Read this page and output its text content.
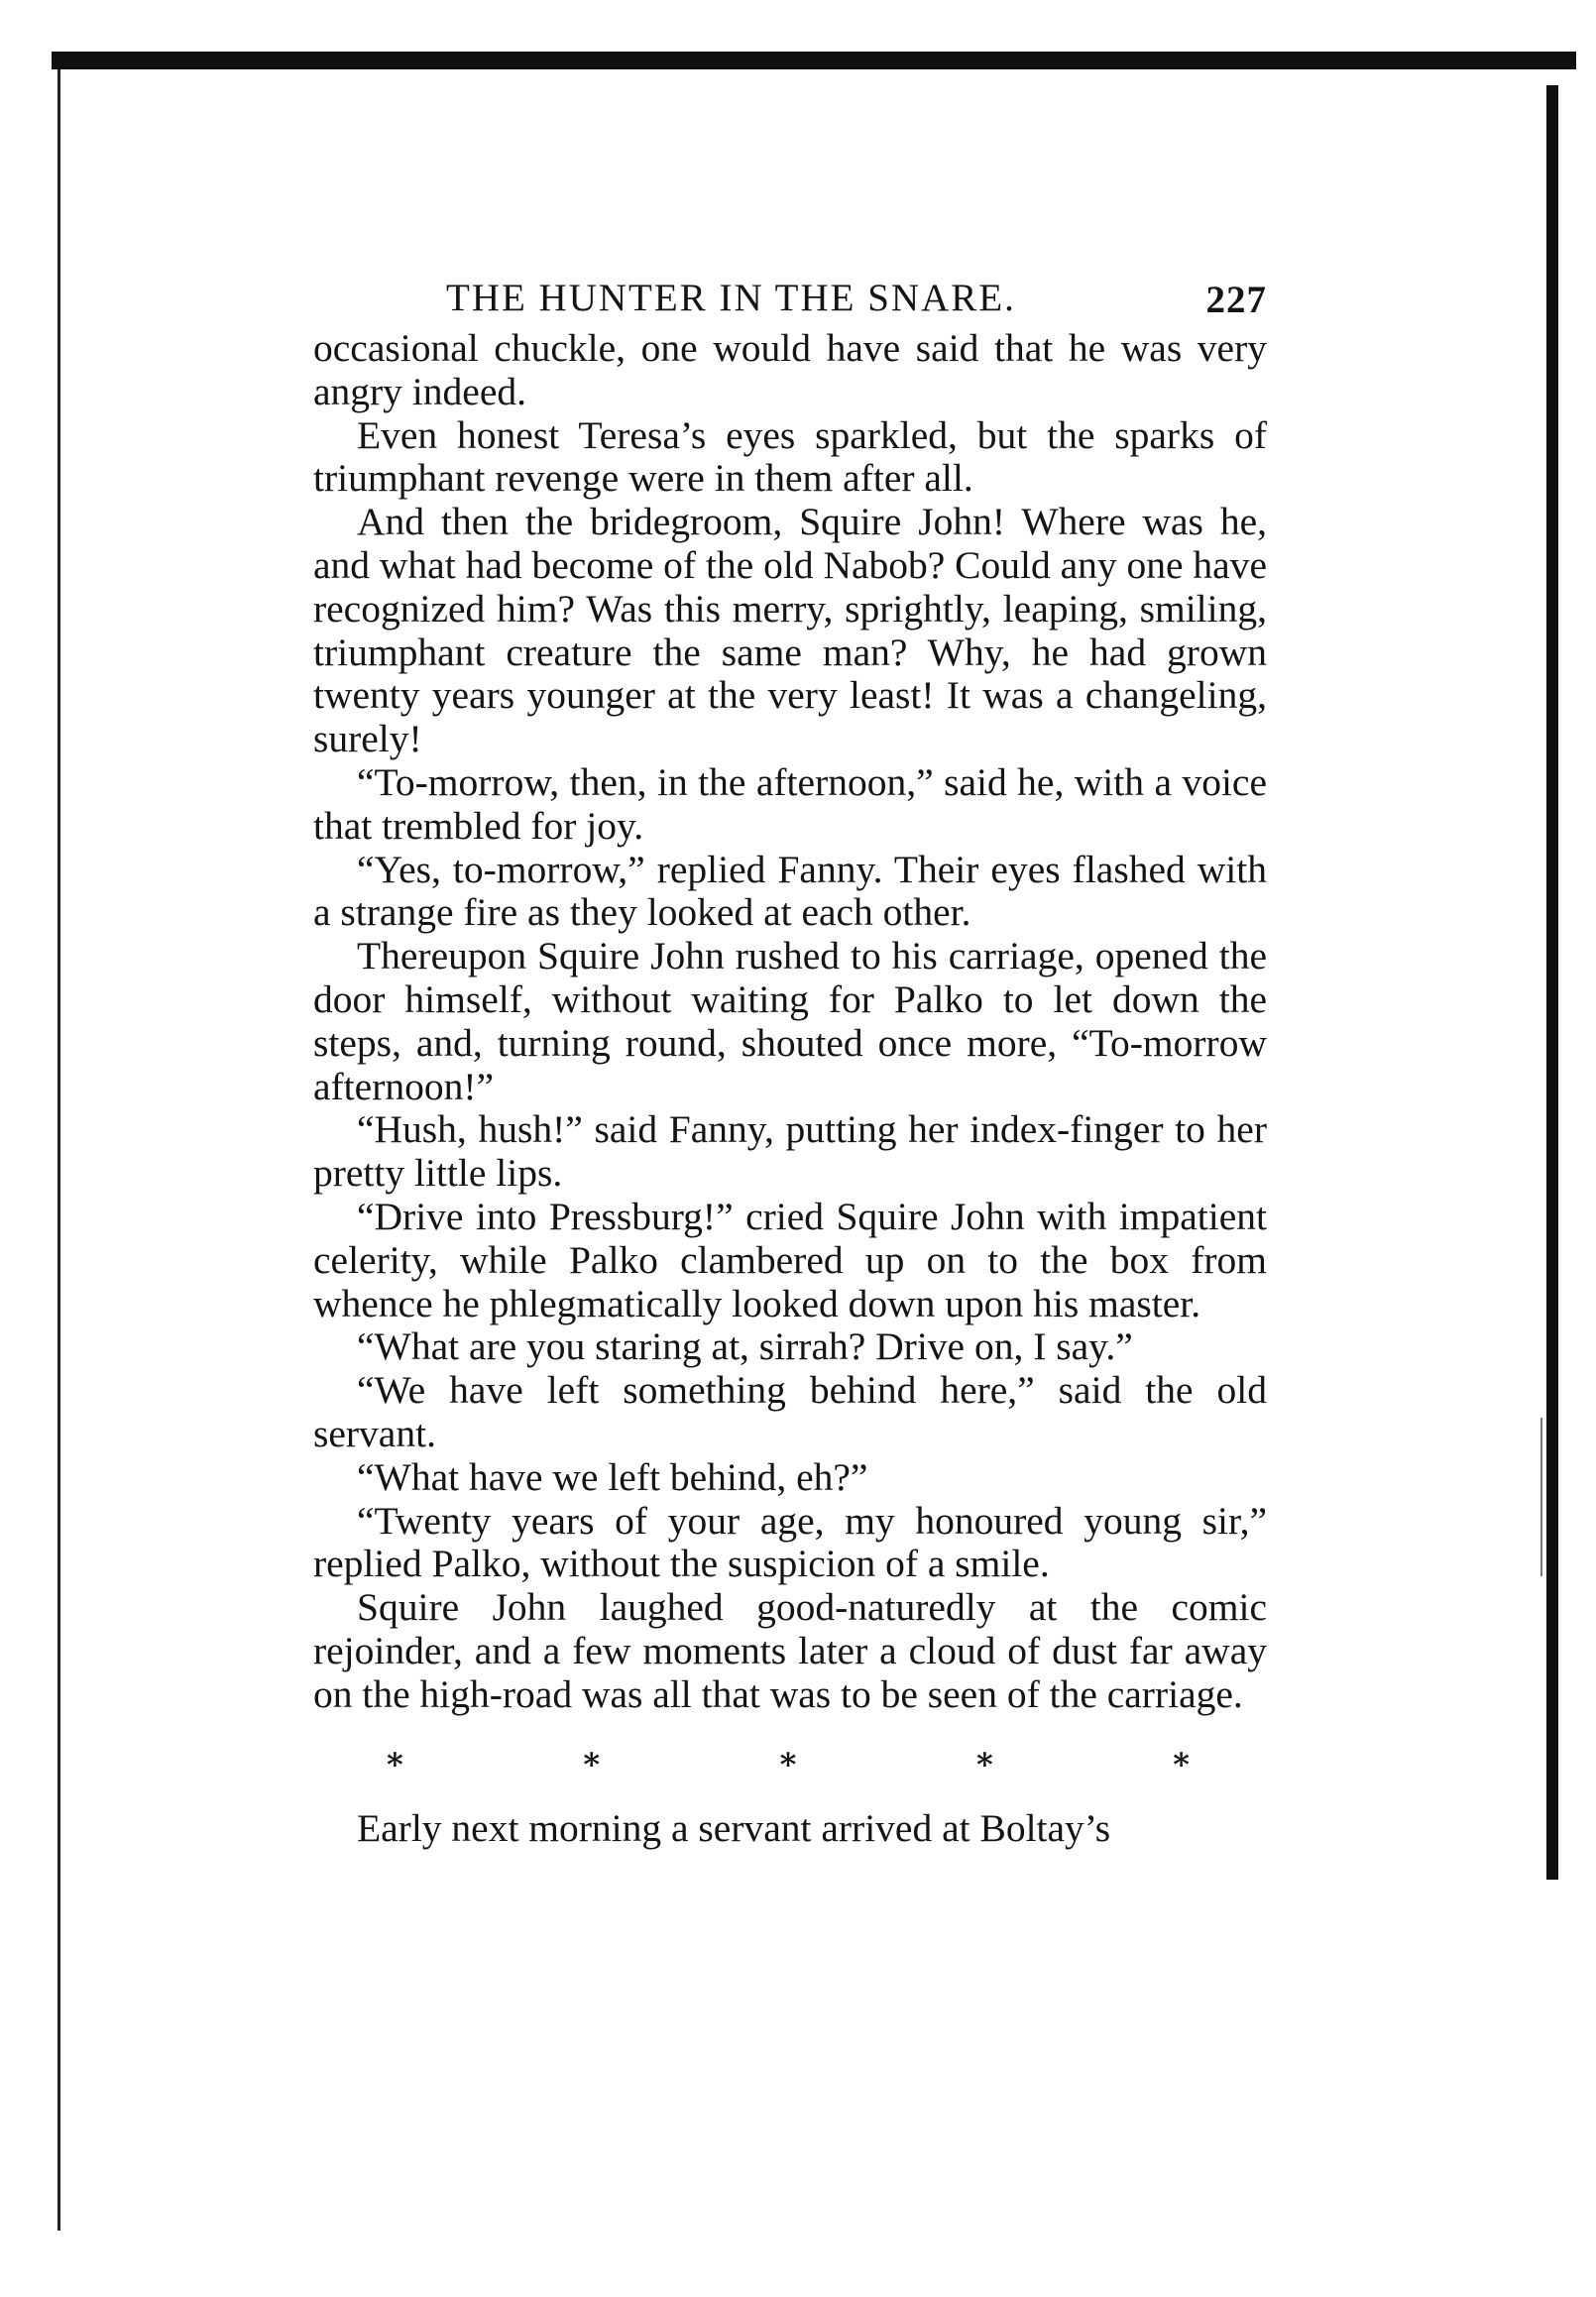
THE HUNTER IN THE SNARE.	227

occasional chuckle, one would have said that he was very angry indeed.

Even honest Teresa’s eyes sparkled, but the sparks of triumphant revenge were in them after all.

And then the bridegroom, Squire John! Where was he, and what had become of the old Nabob? Could any one have recognized him? Was this merry, sprightly, leaping, smiling, triumphant creature the same man? Why, he had grown twenty years younger at the very least! It was a changeling, surely!

“To-morrow, then, in the afternoon,” said he, with a voice that trembled for joy.

“Yes, to-morrow,” replied Fanny. Their eyes flashed with a strange fire as they looked at each other.

Thereupon Squire John rushed to his carriage, opened the door himself, without waiting for Palko to let down the steps, and, turning round, shouted once more, “To-morrow afternoon!”

“Hush, hush!” said Fanny, putting her index-finger to her pretty little lips.

“Drive into Pressburg!” cried Squire John with impatient celerity, while Palko clambered up on to the box from whence he phlegmatically looked down upon his master.

“What are you staring at, sirrah? Drive on, I say.”

“We have left something behind here,” said the old servant.

“What have we left behind, eh?”

“Twenty years of your age, my honoured young sir,” replied Palko, without the suspicion of a smile.

Squire John laughed good-naturedly at the comic rejoinder, and a few moments later a cloud of dust far away on the high-road was all that was to be seen of the carriage.

*	*	*	*	*

Early next morning a servant arrived at Boltay’s
